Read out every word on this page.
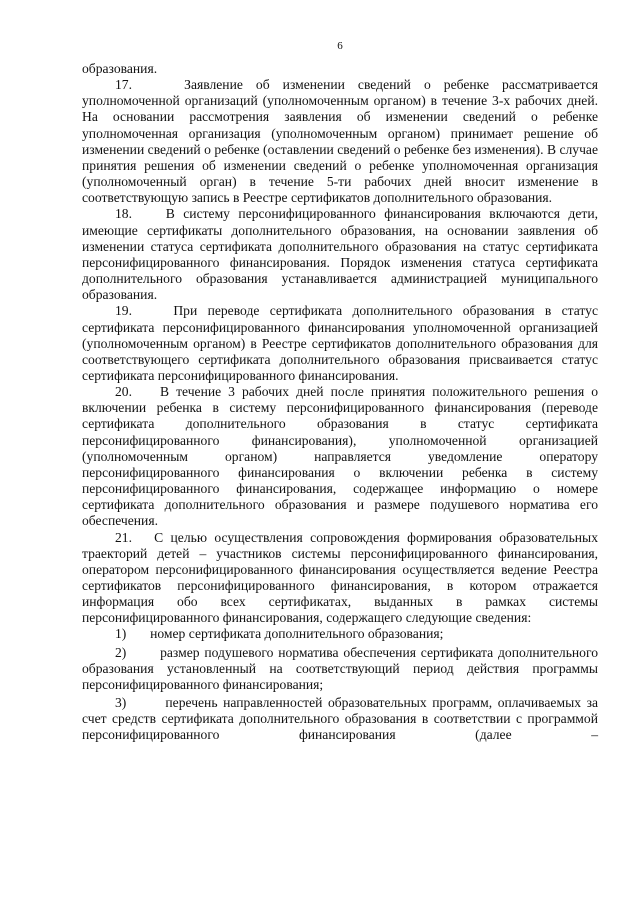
6

образования.

17.    Заявление об изменении сведений о ребенке рассматривается уполномоченной организаций (уполномоченным органом) в течение 3-х рабочих дней. На основании рассмотрения заявления об изменении сведений о ребенке уполномоченная организация (уполномоченным органом) принимает решение об изменении сведений о ребенке (оставлении сведений о ребенке без изменения). В случае принятия решения об изменении сведений о ребенке уполномоченная организация (уполномоченный орган) в течение 5-ти рабочих дней вносит изменение в соответствующую запись в Реестре сертификатов дополнительного образования.

18.    В систему персонифицированного финансирования включаются дети, имеющие сертификаты дополнительного образования, на основании заявления об изменении статуса сертификата дополнительного образования на статус сертификата персонифицированного финансирования. Порядок изменения статуса сертификата дополнительного образования устанавливается администрацией муниципального образования.

19.    При переводе сертификата дополнительного образования в статус сертификата персонифицированного финансирования уполномоченной организацией (уполномоченным органом) в Реестре сертификатов дополнительного образования для соответствующего сертификата дополнительного образования присваивается статус сертификата персонифицированного финансирования.

20.    В течение 3 рабочих дней после принятия положительного решения о включении ребенка в систему персонифицированного финансирования (переводе сертификата дополнительного образования в статус сертификата персонифицированного финансирования), уполномоченной организацией (уполномоченным органом) направляется уведомление оператору персонифицированного финансирования о включении ребенка в систему персонифицированного финансирования, содержащее информацию о номере сертификата дополнительного образования и размере подушевого норматива его обеспечения.

21.   С целью осуществления сопровождения формирования образовательных траекторий детей – участников системы персонифицированного финансирования, оператором персонифицированного финансирования осуществляется ведение Реестра сертификатов персонифицированного финансирования, в котором отражается информация обо всех сертификатах, выданных в рамках системы персонифицированного финансирования, содержащего следующие сведения:

1)       номер сертификата дополнительного образования;

2)       размер подушевого норматива обеспечения сертификата дополнительного образования установленный на соответствующий период действия программы персонифицированного финансирования;

3)       перечень направленностей образовательных программ, оплачиваемых за счет средств сертификата дополнительного образования в соответствии с программой персонифицированного финансирования (далее –
